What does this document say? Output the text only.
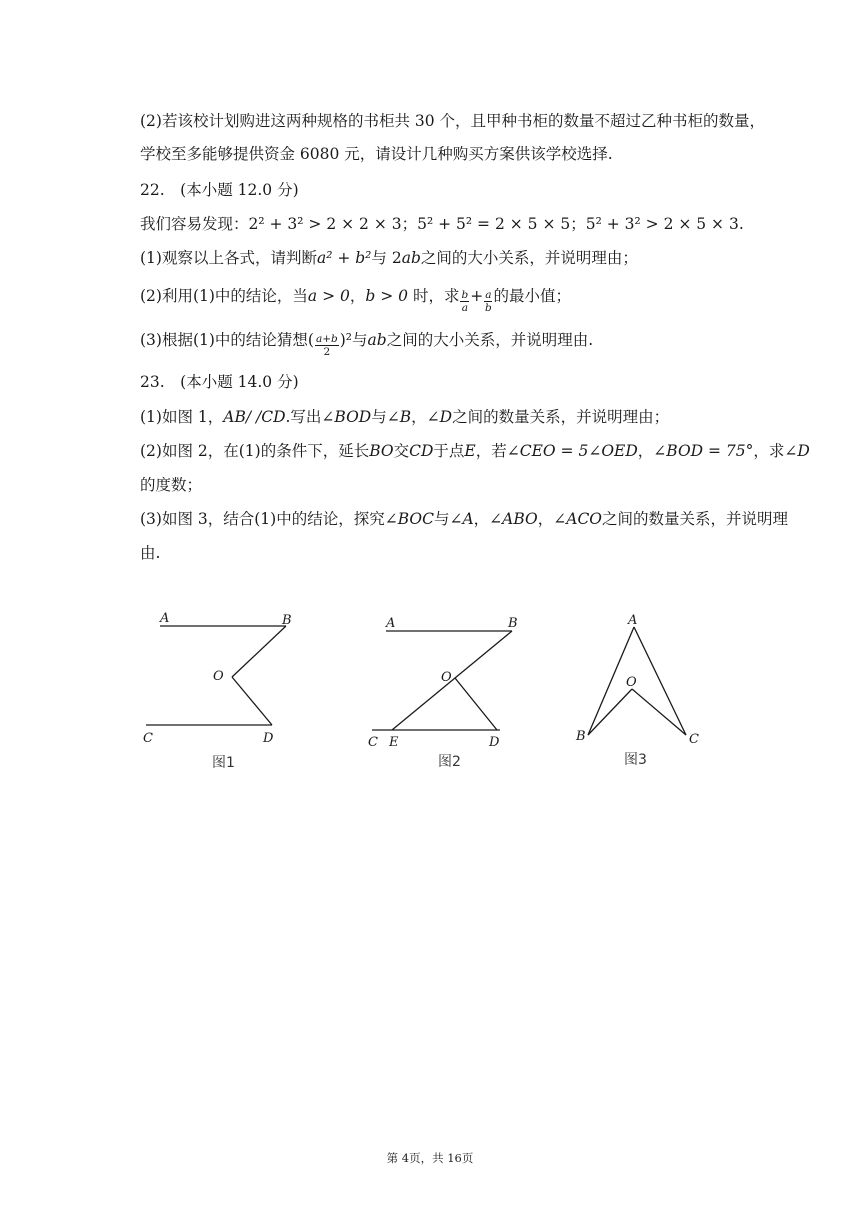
(2)若该校计划购进这两种规格的书柜共 30 个，且甲种书柜的数量不超过乙种书柜的数量，
学校至多能够提供资金 6080 元，请设计几种购买方案供该学校选择.
22.　(本小题 12.0 分)
我们容易发现：2² + 3² > 2 × 2 × 3；5² + 5² = 2 × 5 × 5；5² + 3² > 2 × 5 × 3.
(1)观察以上各式，请判断a² + b²与 2ab之间的大小关系，并说明理由；
(2)利用(1)中的结论，当a > 0，b > 0 时，求 $\frac{b}{a} + \frac{a}{b}$ 的最小值；
(3)根据(1)中的结论猜想( $\frac{a+b}{2} )^2$与ab之间的大小关系，并说明理由.
23.　(本小题 14.0 分)
(1)如图 1，AB/ /CD.写出∠BOD与∠B，∠D之间的数量关系，并说明理由；
(2)如图 2，在(1)的条件下，延长BO交CD于点E，若∠CEO = 5∠OED，∠BOD = 75°，求∠D
的度数；
(3)如图 3，结合(1)中的结论，探究∠BOC与∠A，∠ABO，∠ACO之间的数量关系，并说明理
由.
A	B
O
C	D
图1
A	B
O
C E	D
图2
A
O
B	C
图3
第 4页，共 16页
